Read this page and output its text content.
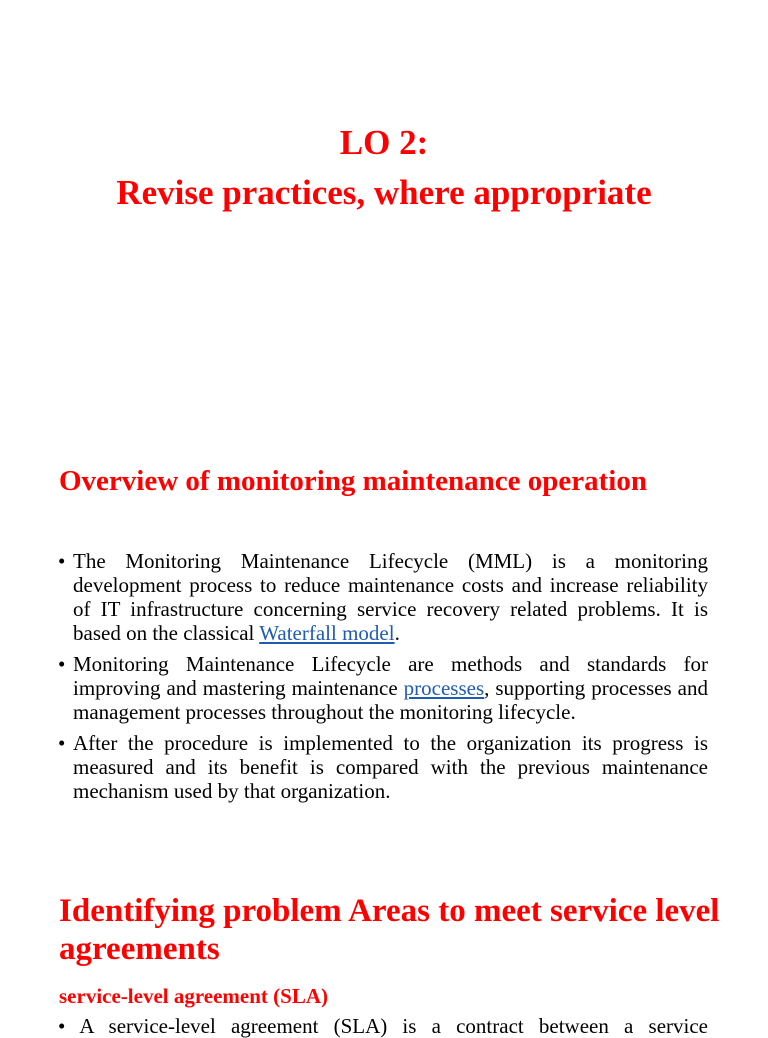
LO 2:
Revise practices, where appropriate
Overview of monitoring maintenance operation
• The Monitoring Maintenance Lifecycle (MML) is a monitoring development process to reduce maintenance costs and increase reliability of IT infrastructure concerning service recovery related problems. It is based on the classical Waterfall model.
• Monitoring Maintenance Lifecycle are methods and standards for improving and mastering maintenance processes, supporting processes and management processes throughout the monitoring lifecycle.
• After the procedure is implemented to the organization its progress is measured and its benefit is compared with the previous maintenance mechanism used by that organization.
Identifying problem Areas to meet service level agreements
service-level agreement (SLA)
• A service-level agreement (SLA) is a contract between a service
